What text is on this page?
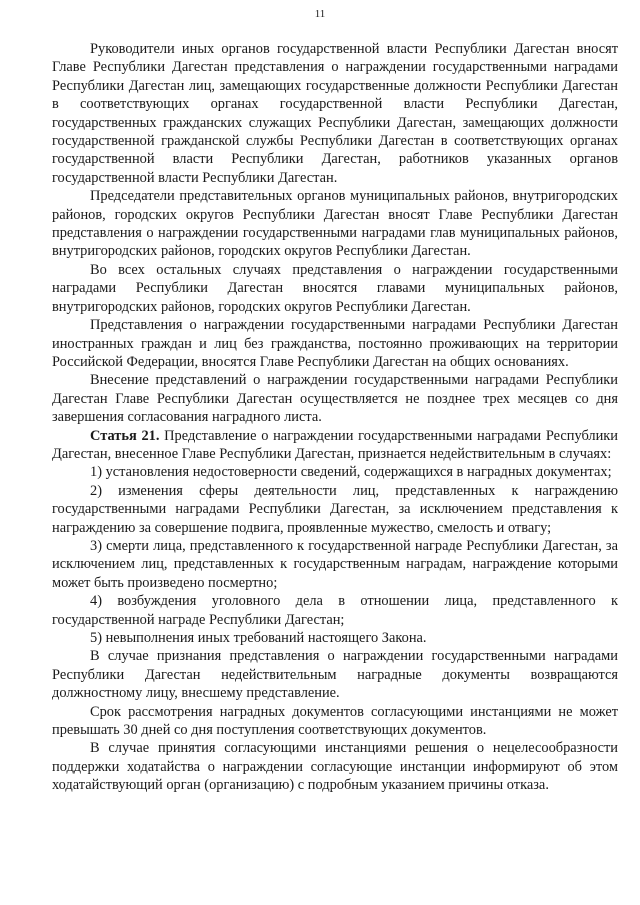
11

Руководители иных органов государственной власти Республики Дагестан вносят Главе Республики Дагестан представления о награждении государственными наградами Республики Дагестан лиц, замещающих государственные должности Республики Дагестан в соответствующих органах государственной власти Республики Дагестан, государственных гражданских служащих Республики Дагестан, замещающих должности государственной гражданской службы Республики Дагестан в соответствующих органах государственной власти Республики Дагестан, работников указанных органов государственной власти Республики Дагестан.

Председатели представительных органов муниципальных районов, внутригородских районов, городских округов Республики Дагестан вносят Главе Республики Дагестан представления о награждении государственными наградами глав муниципальных районов, внутригородских районов, городских округов Республики Дагестан.

Во всех остальных случаях представления о награждении государственными наградами Республики Дагестан вносятся главами муниципальных районов, внутригородских районов, городских округов Республики Дагестан.

Представления о награждении государственными наградами Республики Дагестан иностранных граждан и лиц без гражданства, постоянно проживающих на территории Российской Федерации, вносятся Главе Республики Дагестан на общих основаниях.

Внесение представлений о награждении государственными наградами Республики Дагестан Главе Республики Дагестан осуществляется не позднее трех месяцев со дня завершения согласования наградного листа.

Статья 21. Представление о награждении государственными наградами Республики Дагестан, внесенное Главе Республики Дагестан, признается недействительным в случаях:

1) установления недостоверности сведений, содержащихся в наградных документах;

2) изменения сферы деятельности лиц, представленных к награждению государственными наградами Республики Дагестан, за исключением представления к награждению за совершение подвига, проявленные мужество, смелость и отвагу;

3) смерти лица, представленного к государственной награде Республики Дагестан, за исключением лиц, представленных к государственным наградам, награждение которыми может быть произведено посмертно;

4) возбуждения уголовного дела в отношении лица, представленного к государственной награде Республики Дагестан;

5) невыполнения иных требований настоящего Закона.

В случае признания представления о награждении государственными наградами Республики Дагестан недействительным наградные документы возвращаются должностному лицу, внесшему представление.

Срок рассмотрения наградных документов согласующими инстанциями не может превышать 30 дней со дня поступления соответствующих документов.

В случае принятия согласующими инстанциями решения о нецелесообразности поддержки ходатайства о награждении согласующие инстанции информируют об этом ходатайствующий орган (организацию) с подробным указанием причины отказа.
